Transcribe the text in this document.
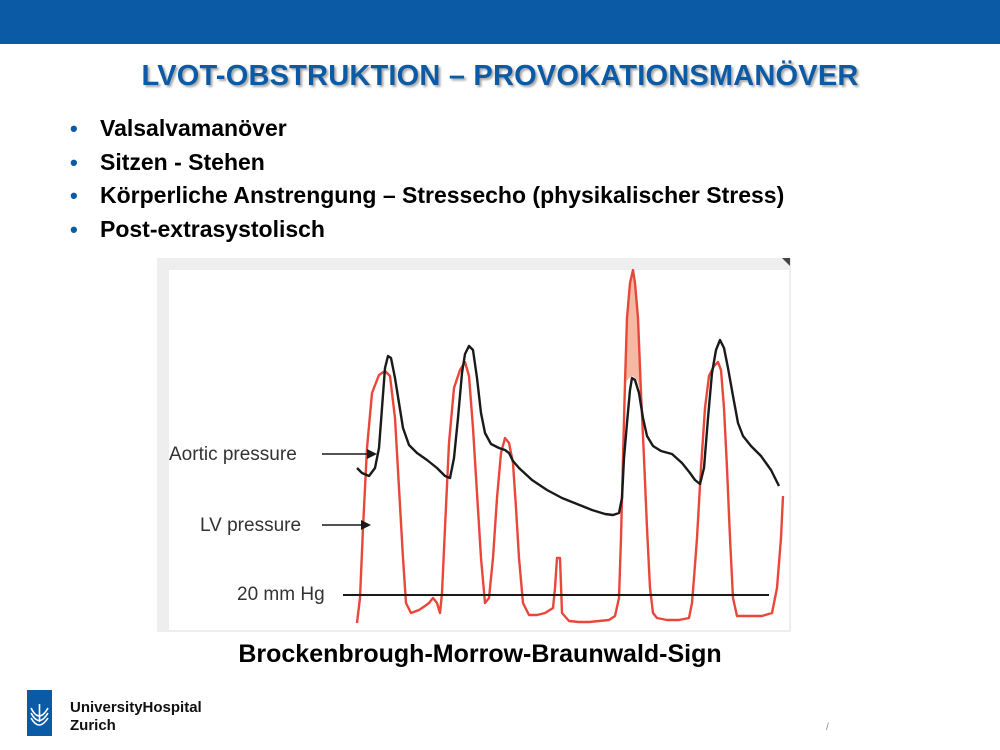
LVOT-OBSTRUKTION – PROVOKATIONSMANÖVER
• Valsalvamanöver
• Sitzen - Stehen
• Körperliche Anstrengung – Stressecho (physikalischer Stress)
• Post-extrasystolisch
Aortic pressure
LV pressure
20 mm Hg
Brockenbrough-Morrow-Braunwald-Sign
UniversityHospital
Zurich	/
